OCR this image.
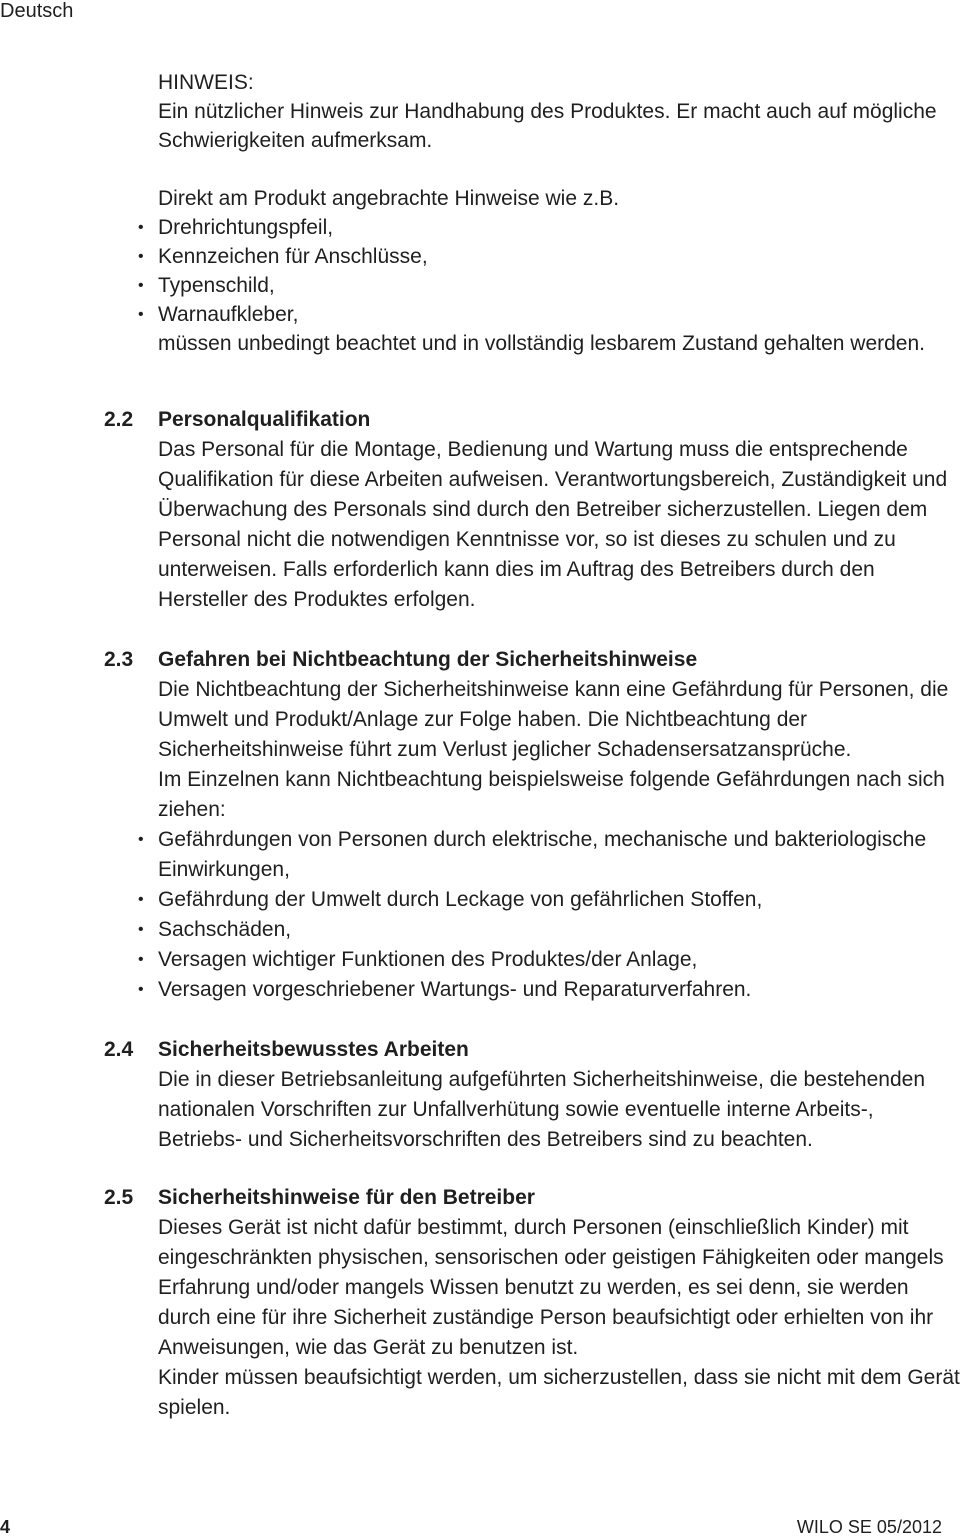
Deutsch

HINWEIS:

Ein nützlicher Hinweis zur Handhabung des Produktes. Er macht auch auf mögliche Schwierigkeiten aufmerksam.

Direkt am Produkt angebrachte Hinweise wie z.B.

• Drehrichtungspfeil,
• Kennzeichen für Anschlüsse,
• Typenschild,
• Warnaufkleber,

müssen unbedingt beachtet und in vollständig lesbarem Zustand gehalten werden.

2.2 Personalqualifikation

Das Personal für die Montage, Bedienung und Wartung muss die entsprechende Qualifikation für diese Arbeiten aufweisen. Verantwortungsbereich, Zuständigkeit und Überwachung des Personals sind durch den Betreiber sicherzustellen. Liegen dem Personal nicht die notwendigen Kenntnisse vor, so ist dieses zu schulen und zu unterweisen. Falls erforderlich kann dies im Auftrag des Betreibers durch den Hersteller des Produktes erfolgen.

2.3 Gefahren bei Nichtbeachtung der Sicherheitshinweise

Die Nichtbeachtung der Sicherheitshinweise kann eine Gefährdung für Personen, die Umwelt und Produkt/Anlage zur Folge haben. Die Nichtbeachtung der Sicherheitshinweise führt zum Verlust jeglicher Schadensersatzansprüche.

Im Einzelnen kann Nichtbeachtung beispielsweise folgende Gefährdungen nach sich ziehen:

• Gefährdungen von Personen durch elektrische, mechanische und bakteriologische Einwirkungen,
• Gefährdung der Umwelt durch Leckage von gefährlichen Stoffen,
• Sachschäden,
• Versagen wichtiger Funktionen des Produktes/der Anlage,
• Versagen vorgeschriebener Wartungs- und Reparaturverfahren.
2.4 Sicherheitsbewusstes Arbeiten

Die in dieser Betriebsanleitung aufgeführten Sicherheitshinweise, die bestehenden nationalen Vorschriften zur Unfallverhütung sowie eventuelle interne Arbeits-, Betriebs- und Sicherheitsvorschriften des Betreibers sind zu beachten.

2.5 Sicherheitshinweise für den Betreiber

Dieses Gerät ist nicht dafür bestimmt, durch Personen (einschließlich Kinder) mit eingeschränkten physischen, sensorischen oder geistigen Fähigkeiten oder mangels Erfahrung und/oder mangels Wissen benutzt zu werden, es sei denn, sie werden durch eine für ihre Sicherheit zuständige Person beaufsichtigt oder erhielten von ihr Anweisungen, wie das Gerät zu benutzen ist.

Kinder müssen beaufsichtigt werden, um sicherzustellen, dass sie nicht mit dem Gerät spielen.

4	WILO SE 05/2012
